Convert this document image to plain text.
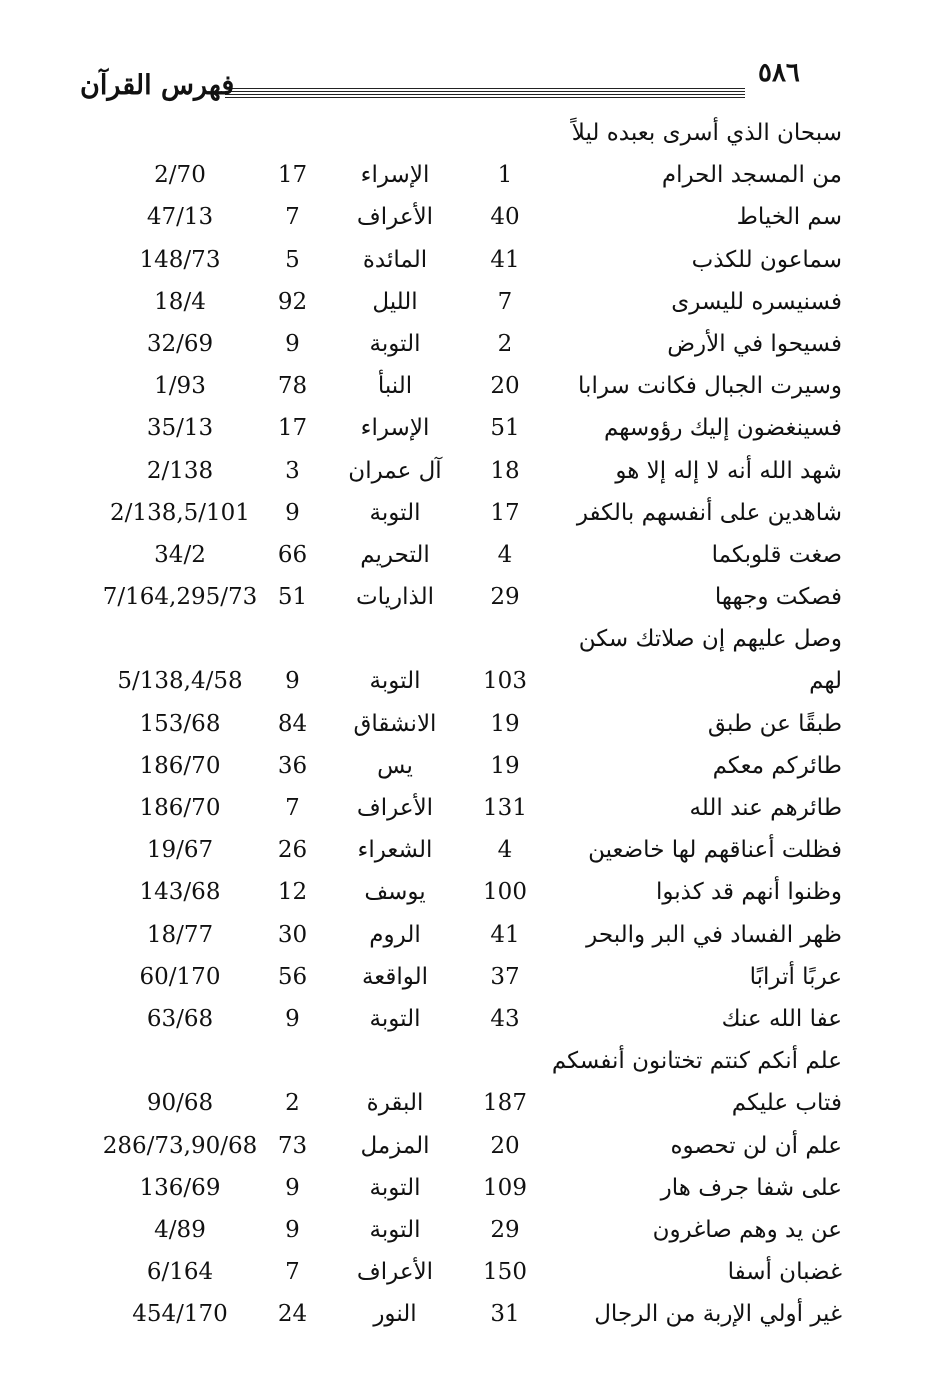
٥٨٦
فهرس القرآن
سبحان الذي أسرى بعبده ليلاً
من المسجد الحرام
1
الإسراء
17
2/70
سم الخياط
40
الأعراف
7
47/13
سماعون للكذب
41
المائدة
5
148/73
فسنيسره لليسرى
7
الليل
92
18/4
فسيحوا في الأرض
2
التوبة
9
32/69
وسيرت الجبال فكانت سرابا
20
النبأ
78
1/93
فسينغضون إليك رؤوسهم
51
الإسراء
17
35/13
شهد الله أنه لا إله إلا هو
18
آل عمران
3
2/138
شاهدين على أنفسهم بالكفر
17
التوبة
9
2/138,5/101
صغت قلوبكما
4
التحريم
66
34/2
فصكت وجهها
29
الذاريات
51
7/164,295/73
وصل عليهم إن صلاتك سكن
لهم
103
التوبة
9
5/138,4/58
طبقًا عن طبق
19
الانشقاق
84
153/68
طائركم معكم
19
يس
36
186/70
طائرهم عند الله
131
الأعراف
7
186/70
فظلت أعناقهم لها خاضعين
4
الشعراء
26
19/67
وظنوا أنهم قد كذبوا
100
يوسف
12
143/68
ظهر الفساد في البر والبحر
41
الروم
30
18/77
عربًا أترابًا
37
الواقعة
56
60/170
عفا الله عنك
43
التوبة
9
63/68
علم أنكم كنتم تختانون أنفسكم
فتاب عليكم
187
البقرة
2
90/68
علم أن لن تحصوه
20
المزمل
73
286/73,90/68
على شفا جرف هار
109
التوبة
9
136/69
عن يد وهم صاغرون
29
التوبة
9
4/89
غضبان أسفا
150
الأعراف
7
6/164
غير أولي الإربة من الرجال
31
النور
24
454/170
